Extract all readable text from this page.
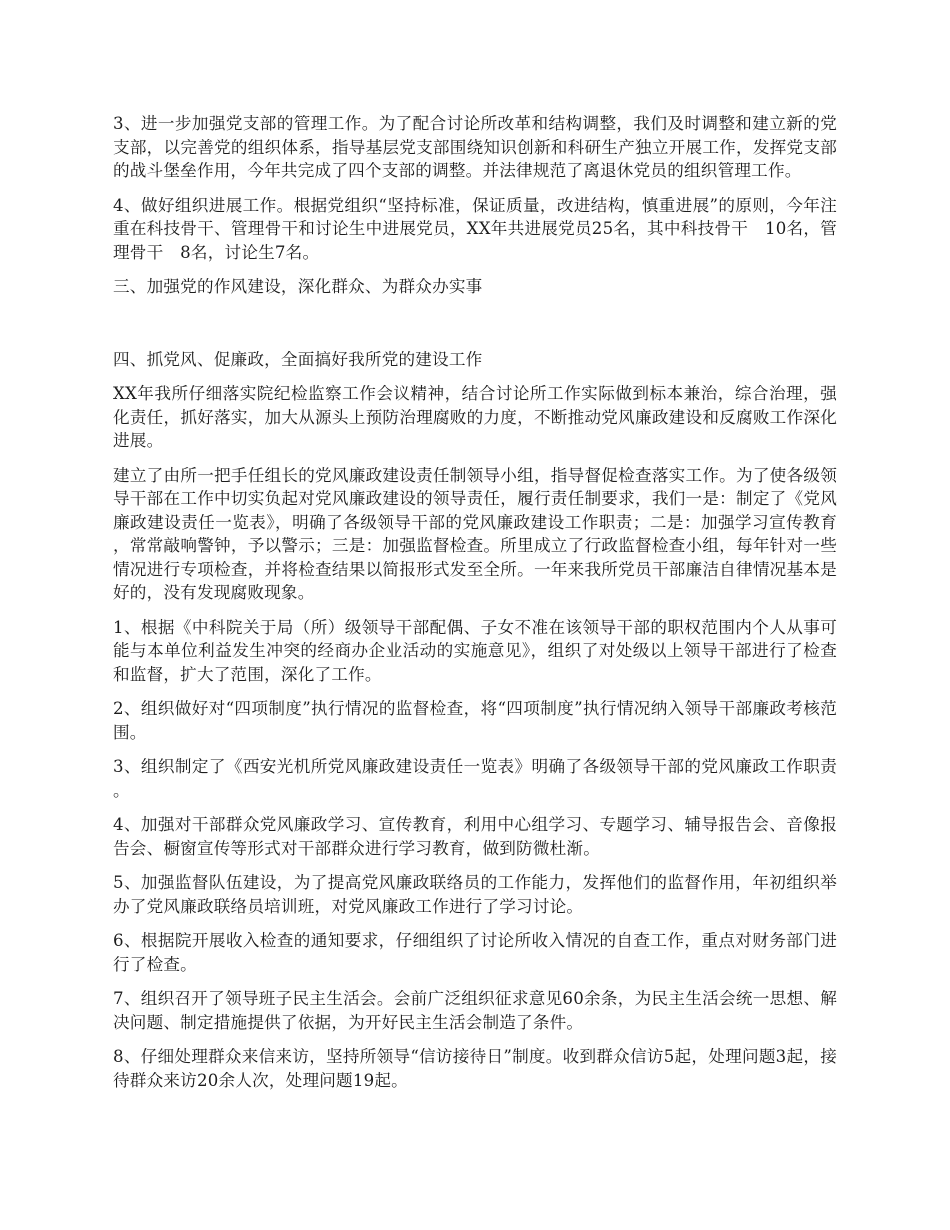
3、进一步加强党支部的管理工作。为了配合讨论所改革和结构调整，我们及时调整和建立新的党支部，以完善党的组织体系，指导基层党支部围绕知识创新和科研生产独立开展工作，发挥党支部的战斗堡垒作用，今年共完成了四个支部的调整。并法律规范了离退休党员的组织管理工作。

4、做好组织进展工作。根据党组织“坚持标准，保证质量，改进结构，慎重进展”的原则，今年注重在科技骨干、管理骨干和讨论生中进展党员，XX年共进展党员25名，其中科技骨干　10名，管理骨干　8名，讨论生7名。

三、加强党的作风建设，深化群众、为群众办实事

四、抓党风、促廉政，全面搞好我所党的建设工作

XX年我所仔细落实院纪检监察工作会议精神，结合讨论所工作实际做到标本兼治，综合治理，强化责任，抓好落实，加大从源头上预防治理腐败的力度，不断推动党风廉政建设和反腐败工作深化进展。

建立了由所一把手任组长的党风廉政建设责任制领导小组，指导督促检查落实工作。为了使各级领导干部在工作中切实负起对党风廉政建设的领导责任，履行责任制要求，我们一是：制定了《党风廉政建设责任一览表》，明确了各级领导干部的党风廉政建设工作职责；二是：加强学习宣传教育，常常敲响警钟，予以警示；三是：加强监督检查。所里成立了行政监督检查小组，每年针对一些情况进行专项检查，并将检查结果以简报形式发至全所。一年来我所党员干部廉洁自律情况基本是好的，没有发现腐败现象。

1、根据《中科院关于局（所）级领导干部配偶、子女不准在该领导干部的职权范围内个人从事可能与本单位利益发生冲突的经商办企业活动的实施意见》，组织了对处级以上领导干部进行了检查和监督，扩大了范围，深化了工作。

2、组织做好对“四项制度”执行情况的监督检查，将“四项制度”执行情况纳入领导干部廉政考核范围。

3、组织制定了《西安光机所党风廉政建设责任一览表》明确了各级领导干部的党风廉政工作职责。

4、加强对干部群众党风廉政学习、宣传教育，利用中心组学习、专题学习、辅导报告会、音像报告会、橱窗宣传等形式对干部群众进行学习教育，做到防微杜渐。

5、加强监督队伍建设，为了提高党风廉政联络员的工作能力，发挥他们的监督作用，年初组织举办了党风廉政联络员培训班，对党风廉政工作进行了学习讨论。

6、根据院开展收入检查的通知要求，仔细组织了讨论所收入情况的自查工作，重点对财务部门进行了检查。

7、组织召开了领导班子民主生活会。会前广泛组织征求意见60余条，为民主生活会统一思想、解决问题、制定措施提供了依据，为开好民主生活会制造了条件。

8、仔细处理群众来信来访，坚持所领导“信访接待日”制度。收到群众信访5起，处理问题3起，接待群众来访20余人次，处理问题19起。
